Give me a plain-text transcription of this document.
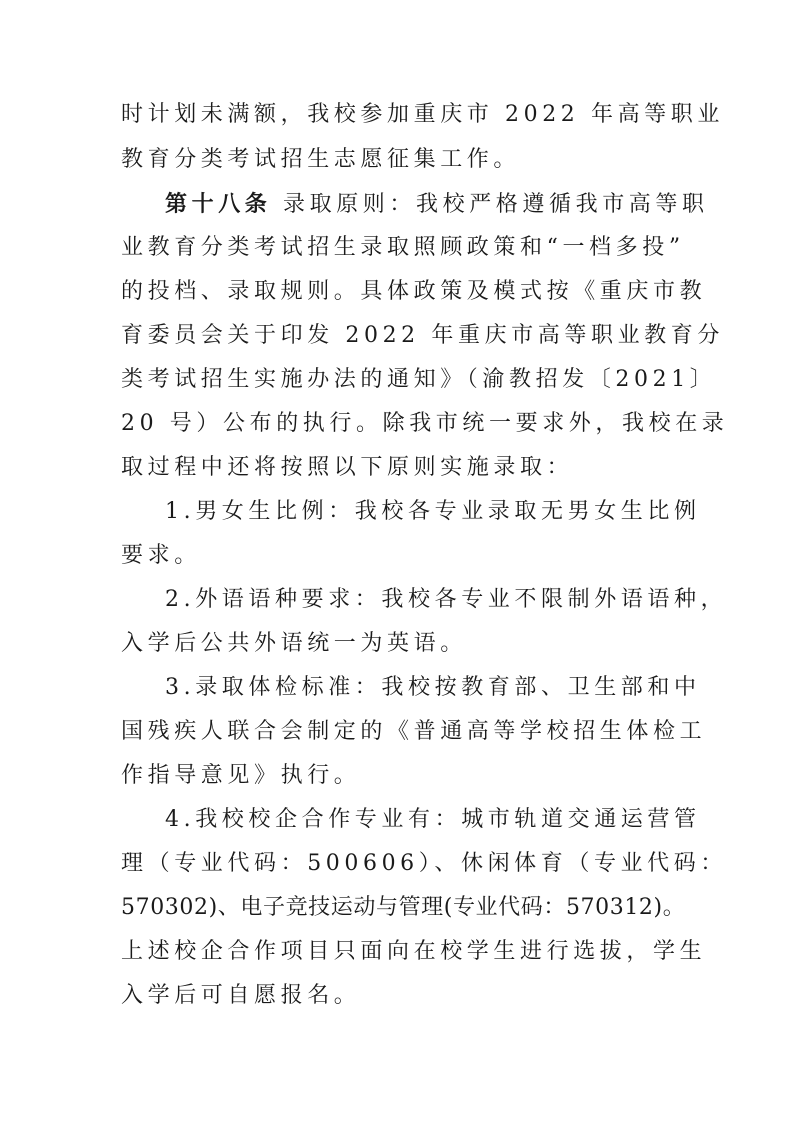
时计划未满额，我校参加重庆市 2022 年高等职业
教育分类考试招生志愿征集工作。
第十八条 录取原则：我校严格遵循我市高等职
业教育分类考试招生录取照顾政策和“一档多投”
的投档、录取规则。具体政策及模式按《重庆市教
育委员会关于印发 2022 年重庆市高等职业教育分
类考试招生实施办法的通知》（渝教招发〔2021〕
20 号）公布的执行。除我市统一要求外，我校在录
取过程中还将按照以下原则实施录取：
1.男女生比例：我校各专业录取无男女生比例
要求。
2.外语语种要求：我校各专业不限制外语语种，
入学后公共外语统一为英语。
3.录取体检标准：我校按教育部、卫生部和中
国残疾人联合会制定的《普通高等学校招生体检工
作指导意见》执行。
4.我校校企合作专业有：城市轨道交通运营管
理（专业代码：500606）、休闲体育（专业代码：
570302)、电子竞技运动与管理(专业代码：570312)。
上述校企合作项目只面向在校学生进行选拔，学生
入学后可自愿报名。
